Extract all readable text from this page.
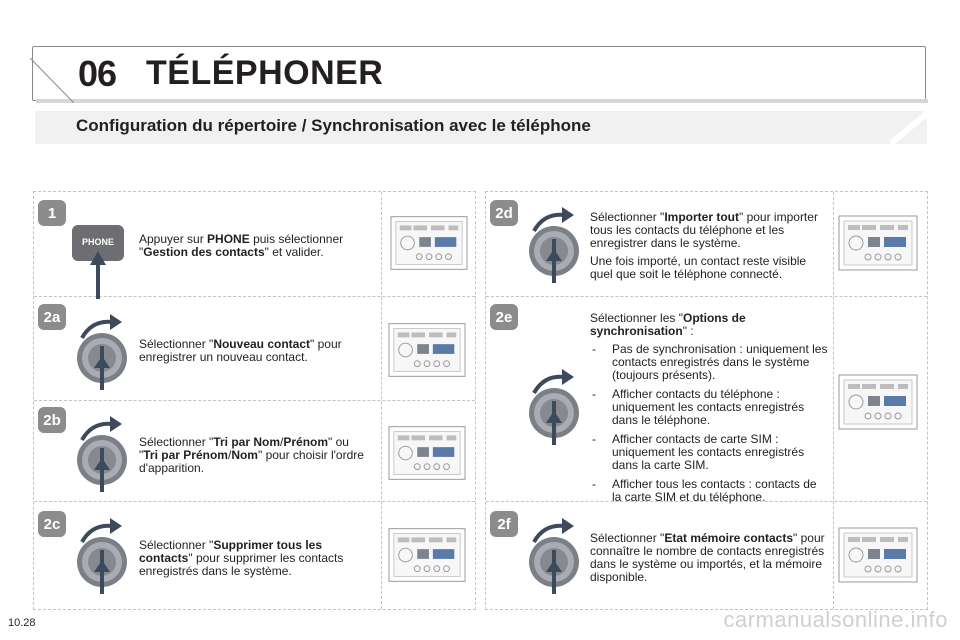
06 TÉLÉPHONER
Configuration du répertoire / Synchronisation avec le téléphone
1
PHONE	Appuyer sur PHONE puis sélectionner "Gestion des contacts" et valider.

2a

Sélectionner "Nouveau contact" pour enregistrer un nouveau contact.

2b

Sélectionner "Tri par Nom/Prénom" ou "Tri par Prénom/Nom" pour choisir l'ordre d'apparition.

2c

Sélectionner "Supprimer tous les contacts" pour supprimer les contacts enregistrés dans le système.

2d	Sélectionner "Importer tout" pour importer tous les contacts du téléphone et les enregistrer dans le système.

Une fois importé, un contact reste visible quel que soit le téléphone connecté.

2e	Sélectionner les "Options de synchronisation" :

- Pas de synchronisation : uniquement les contacts enregistrés dans le système (toujours présents).
- Afficher contacts du téléphone : uniquement les contacts enregistrés dans le téléphone.
- Afficher contacts de carte SIM : uniquement les contacts enregistrés dans la carte SIM.
- Afficher tous les contacts : contacts de la carte SIM et du téléphone.
2f

Sélectionner "Etat mémoire contacts" pour connaître le nombre de contacts enregistrés dans le système ou importés, et la mémoire disponible.

10.28	carmanualsonline.info
